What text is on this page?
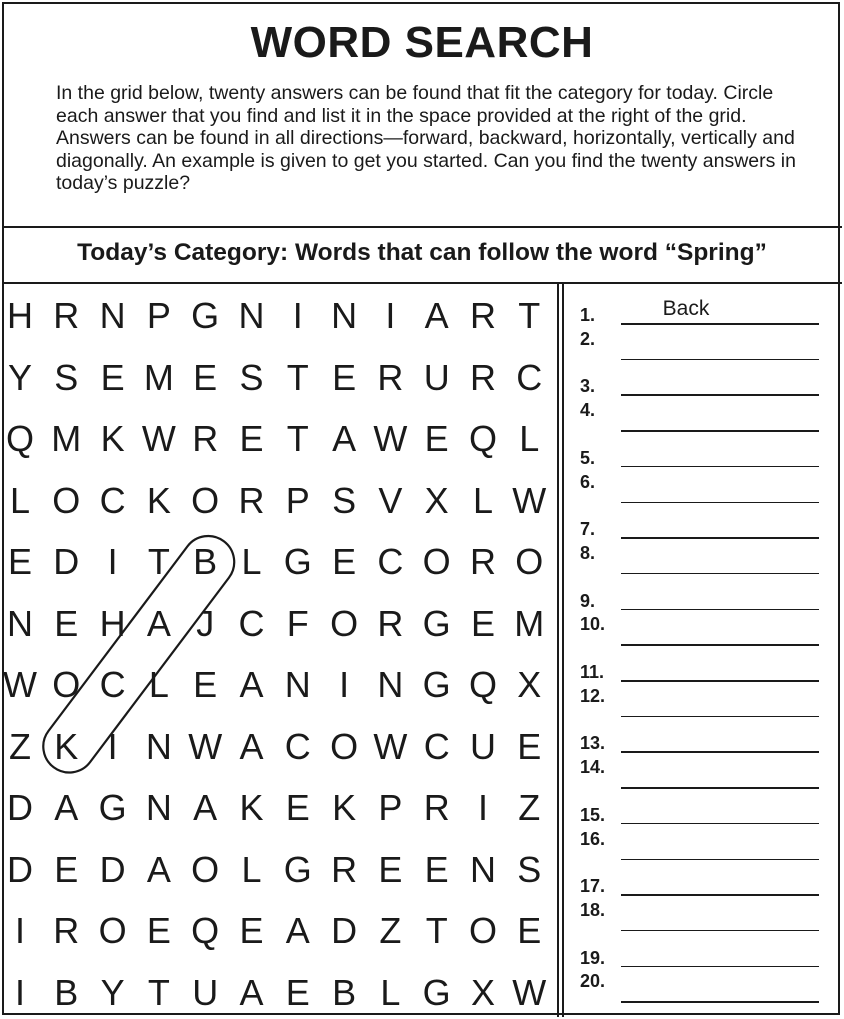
WORD SEARCH
In the grid below, twenty answers can be found that fit the category for today. Circle each answer that you find and list it in the space provided at the right of the grid. Answers can be found in all directions—forward, backward, horizontally, vertically and diagonally. An example is given to get you started. Can you find the twenty answers in today’s puzzle?
Today’s Category: Words that can follow the word “Spring”
H R N P G N I N I A R T
Y S E M E S T E R U R C
Q M K W R E T A W E Q L
L O C K O R P S V X L W
E D I T B L G E C O R O
N E H A J C F O R G E M
W O C L E A N I N G Q X
Z K I N W A C O W C U E
D A G N A K E K P R I Z
D E D A O L G R E E N S
I R O E Q E A D Z T O E
I B Y T U A E B L G X W
1.	Back
2.
3.
4.
5.
6.
7.
8.
9.
10.
11.
12.
13.
14.
15.
16.
17.
18.
19.
20.
